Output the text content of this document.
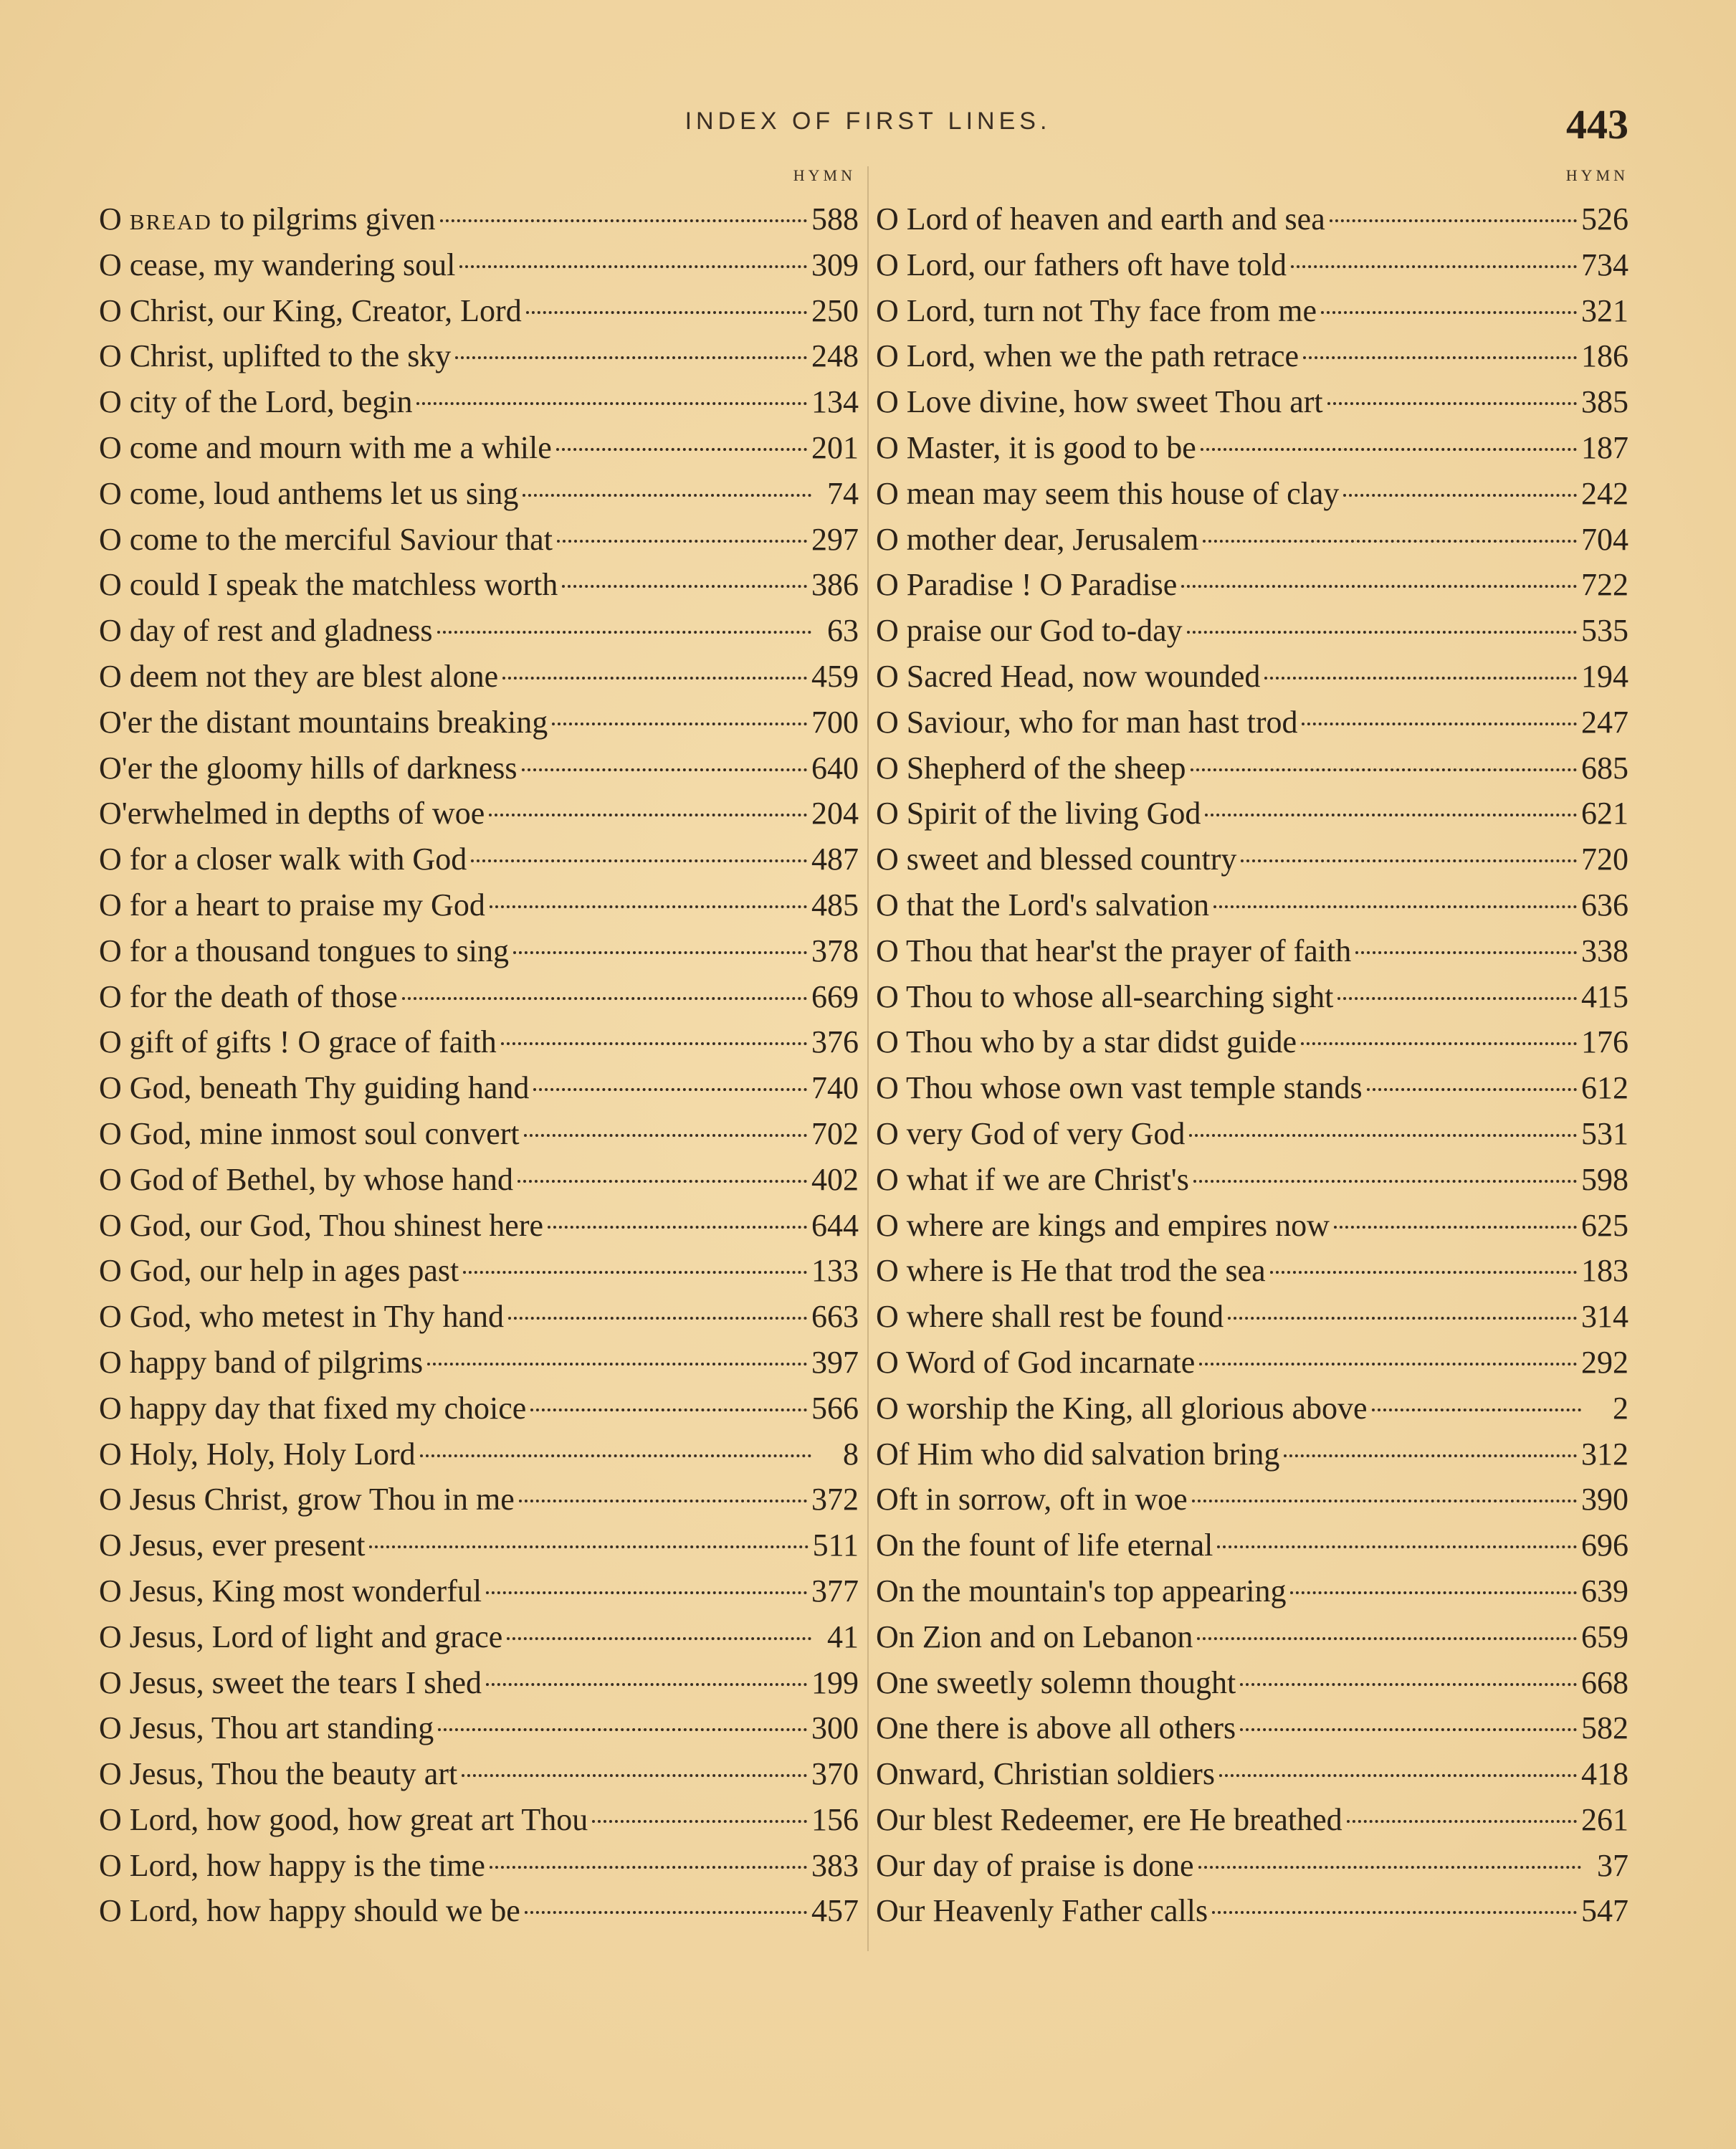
INDEX OF FIRST LINES.	443
HYMN
O bread to pilgrims given	588
O cease, my wandering soul	309
O Christ, our King, Creator, Lord	250
O Christ, uplifted to the sky	248
O city of the Lord, begin	134
O come and mourn with me a while	201
O come, loud anthems let us sing	74
O come to the merciful Saviour that	297
O could I speak the matchless worth	386
O day of rest and gladness	63
O deem not they are blest alone	459
O'er the distant mountains breaking	700
O'er the gloomy hills of darkness	640
O'erwhelmed in depths of woe	204
O for a closer walk with God	487
O for a heart to praise my God	485
O for a thousand tongues to sing	378
O for the death of those	669
O gift of gifts ! O grace of faith	376
O God, beneath Thy guiding hand	740
O God, mine inmost soul convert	702
O God of Bethel, by whose hand	402
O God, our God, Thou shinest here	644
O God, our help in ages past	133
O God, who metest in Thy hand	663
O happy band of pilgrims	397
O happy day that fixed my choice	566
O Holy, Holy, Holy Lord	8
O Jesus Christ, grow Thou in me	372
O Jesus, ever present	511
O Jesus, King most wonderful	377
O Jesus, Lord of light and grace	41
O Jesus, sweet the tears I shed	199
O Jesus, Thou art standing	300
O Jesus, Thou the beauty art	370
O Lord, how good, how great art Thou	156
O Lord, how happy is the time	383
O Lord, how happy should we be	457
HYMN
O Lord of heaven and earth and sea	526
O Lord, our fathers oft have told	734
O Lord, turn not Thy face from me	321
O Lord, when we the path retrace	186
O Love divine, how sweet Thou art	385
O Master, it is good to be	187
O mean may seem this house of clay	242
O mother dear, Jerusalem	704
O Paradise ! O Paradise	722
O praise our God to-day	535
O Sacred Head, now wounded	194
O Saviour, who for man hast trod	247
O Shepherd of the sheep	685
O Spirit of the living God	621
O sweet and blessed country	720
O that the Lord's salvation	636
O Thou that hear'st the prayer of faith	338
O Thou to whose all-searching sight	415
O Thou who by a star didst guide	176
O Thou whose own vast temple stands	612
O very God of very God	531
O what if we are Christ's	598
O where are kings and empires now	625
O where is He that trod the sea	183
O where shall rest be found	314
O Word of God incarnate	292
O worship the King, all glorious above	2
Of Him who did salvation bring	312
Oft in sorrow, oft in woe	390
On the fount of life eternal	696
On the mountain's top appearing	639
On Zion and on Lebanon	659
One sweetly solemn thought	668
One there is above all others	582
Onward, Christian soldiers	418
Our blest Redeemer, ere He breathed	261
Our day of praise is done	37
Our Heavenly Father calls	547
